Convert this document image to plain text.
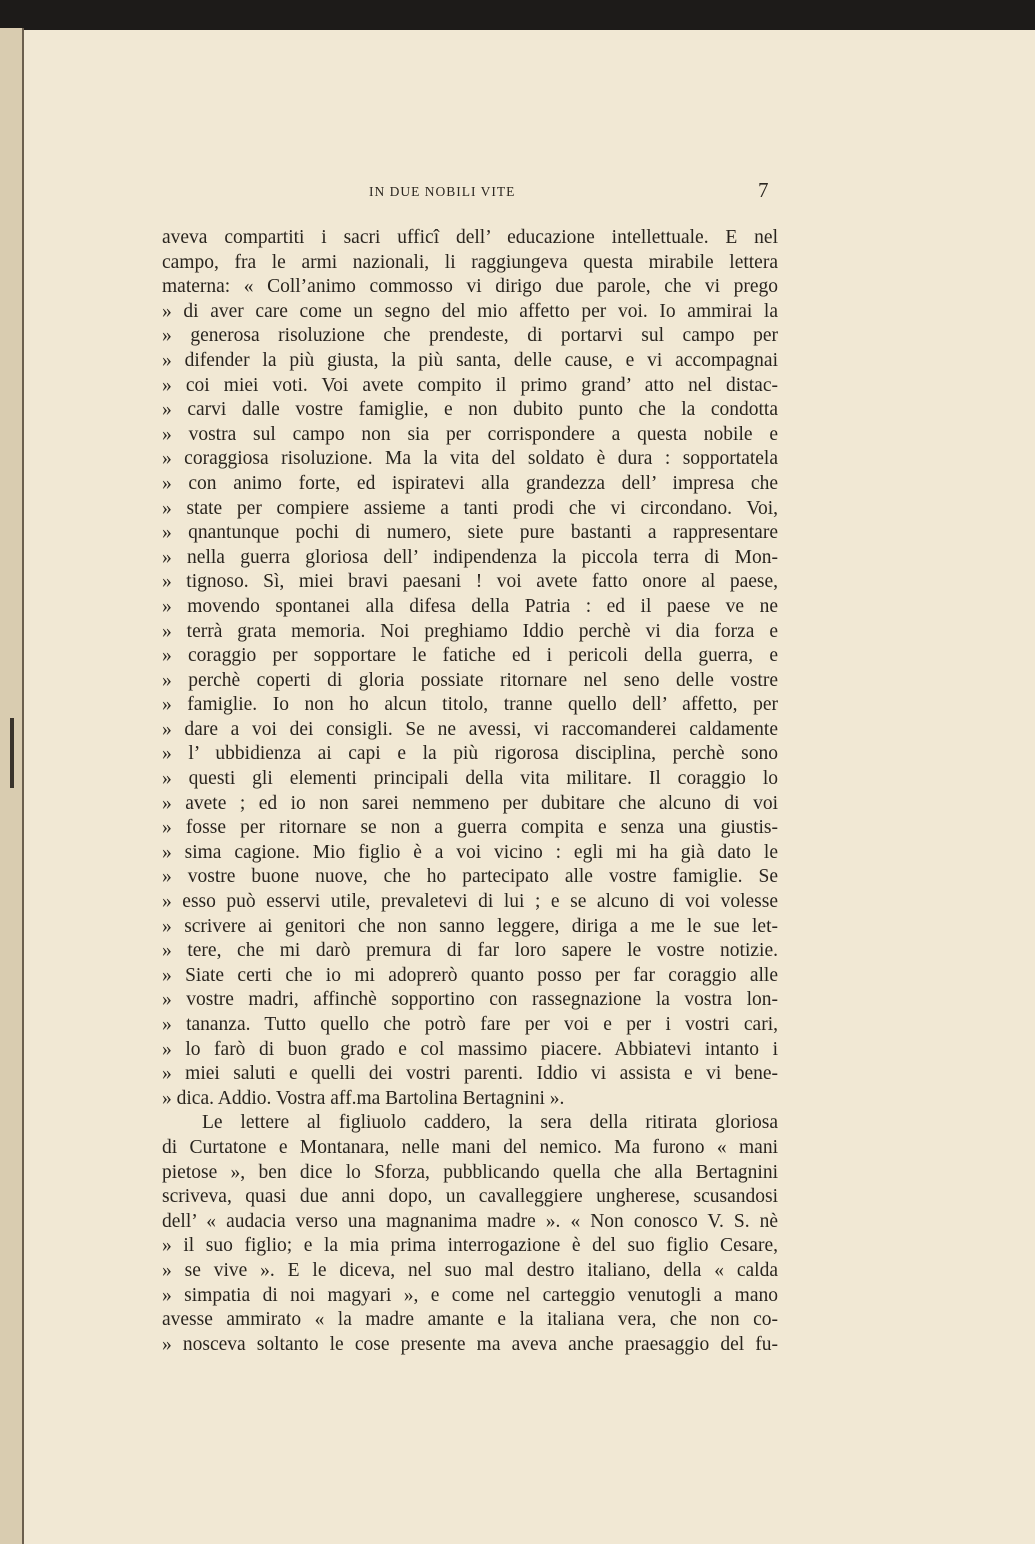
IN DUE NOBILI VITE	7
aveva compartiti i sacri ufficî dell’ educazione intellettuale. E nel
campo, fra le armi nazionali, li raggiungeva questa mirabile lettera
materna: « Coll’animo commosso vi dirigo due parole, che vi prego
» di aver care come un segno del mio affetto per voi. Io ammirai la
» generosa risoluzione che prendeste, di portarvi sul campo per
» difender la più giusta, la più santa, delle cause, e vi accompagnai
» coi miei voti. Voi avete compito il primo grand’ atto nel distac-
» carvi dalle vostre famiglie, e non dubito punto che la condotta
» vostra sul campo non sia per corrispondere a questa nobile e
» coraggiosa risoluzione. Ma la vita del soldato è dura : sopportatela
» con animo forte, ed ispiratevi alla grandezza dell’ impresa che
» state per compiere assieme a tanti prodi che vi circondano. Voi,
» qnantunque pochi di numero, siete pure bastanti a rappresentare
» nella guerra gloriosa dell’ indipendenza la piccola terra di Mon-
» tignoso. Sì, miei bravi paesani ! voi avete fatto onore al paese,
» movendo spontanei alla difesa della Patria : ed il paese ve ne
» terrà grata memoria. Noi preghiamo Iddio perchè vi dia forza e
» coraggio per sopportare le fatiche ed i pericoli della guerra, e
» perchè coperti di gloria possiate ritornare nel seno delle vostre
» famiglie. Io non ho alcun titolo, tranne quello dell’ affetto, per
» dare a voi dei consigli. Se ne avessi, vi raccomanderei caldamente
» l’ ubbidienza ai capi e la più rigorosa disciplina, perchè sono
» questi gli elementi principali della vita militare. Il coraggio lo
» avete ; ed io non sarei nemmeno per dubitare che alcuno di voi
» fosse per ritornare se non a guerra compita e senza una giustis-
» sima cagione. Mio figlio è a voi vicino : egli mi ha già dato le
» vostre buone nuove, che ho partecipato alle vostre famiglie. Se
» esso può esservi utile, prevaletevi di lui ; e se alcuno di voi volesse
» scrivere ai genitori che non sanno leggere, diriga a me le sue let-
» tere, che mi darò premura di far loro sapere le vostre notizie.
» Siate certi che io mi adoprerò quanto posso per far coraggio alle
» vostre madri, affinchè sopportino con rassegnazione la vostra lon-
» tananza. Tutto quello che potrò fare per voi e per i vostri cari,
» lo farò di buon grado e col massimo piacere. Abbiatevi intanto i
» miei saluti e quelli dei vostri parenti. Iddio vi assista e vi bene-
» dica. Addio. Vostra aff.ma Bartolina Bertagnini ».
Le lettere al figliuolo caddero, la sera della ritirata gloriosa
di Curtatone e Montanara, nelle mani del nemico. Ma furono « mani
pietose », ben dice lo Sforza, pubblicando quella che alla Bertagnini
scriveva, quasi due anni dopo, un cavalleggiere ungherese, scusandosi
dell’ « audacia verso una magnanima madre ». « Non conosco V. S. nè
» il suo figlio; e la mia prima interrogazione è del suo figlio Cesare,
» se vive ». E le diceva, nel suo mal destro italiano, della « calda
» simpatia di noi magyari », e come nel carteggio venutogli a mano
avesse ammirato « la madre amante e la italiana vera, che non co-
» nosceva soltanto le cose presente ma aveva anche praesaggio del fu-
